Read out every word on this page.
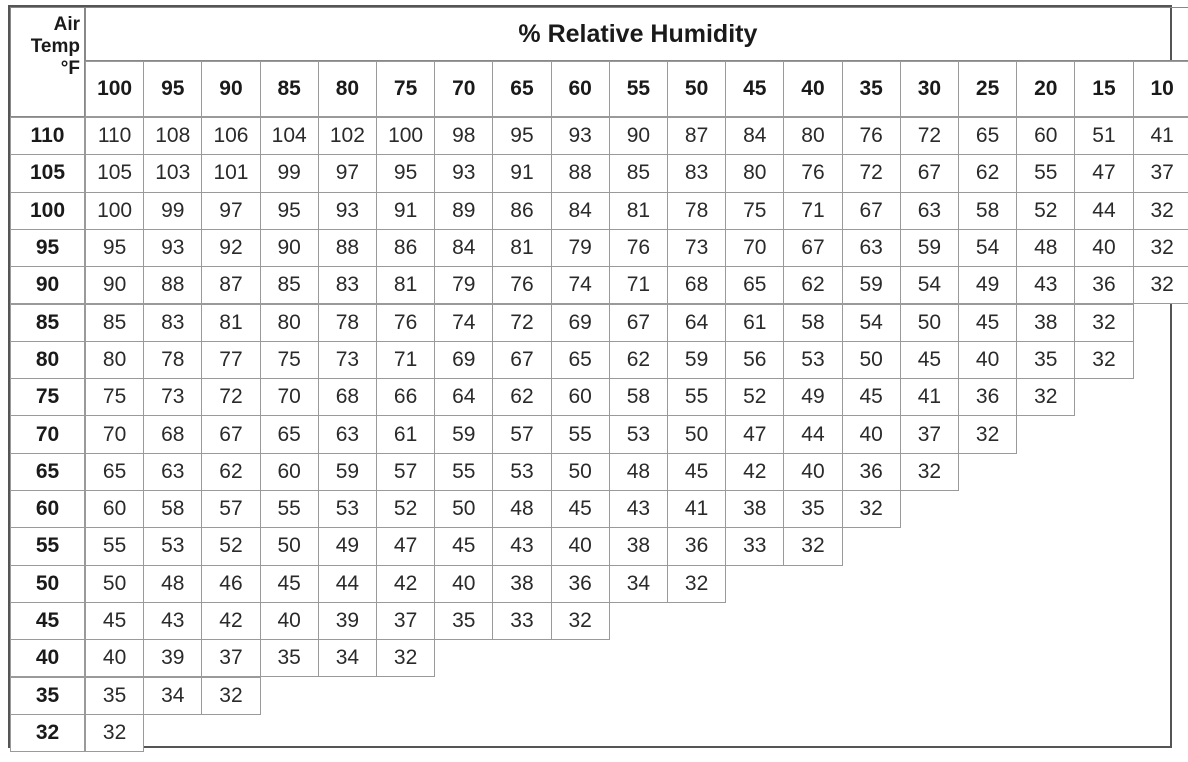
Air
Temp
°F
% Relative Humidity
100	95	90	85	80	75	70	65	60	55	50	45	40	35	30	25	20	15	10
110	110	108	106	104	102	100	98	95	93	90	87	84	80	76	72	65	60	51	41
105	105	103	101	99	97	95	93	91	88	85	83	80	76	72	67	62	55	47	37
100	100	99	97	95	93	91	89	86	84	81	78	75	71	67	63	58	52	44	32
95	95	93	92	90	88	86	84	81	79	76	73	70	67	63	59	54	48	40	32
90	90	88	87	85	83	81	79	76	74	71	68	65	62	59	54	49	43	36	32
85	85	83	81	80	78	76	74	72	69	67	64	61	58	54	50	45	38	32
80	80	78	77	75	73	71	69	67	65	62	59	56	53	50	45	40	35	32
75	75	73	72	70	68	66	64	62	60	58	55	52	49	45	41	36	32
70	70	68	67	65	63	61	59	57	55	53	50	47	44	40	37	32
65	65	63	62	60	59	57	55	53	50	48	45	42	40	36	32
60	60	58	57	55	53	52	50	48	45	43	41	38	35	32
55	55	53	52	50	49	47	45	43	40	38	36	33	32
50	50	48	46	45	44	42	40	38	36	34	32
45	45	43	42	40	39	37	35	33	32
40	40	39	37	35	34	32
35	35	34	32
32	32
